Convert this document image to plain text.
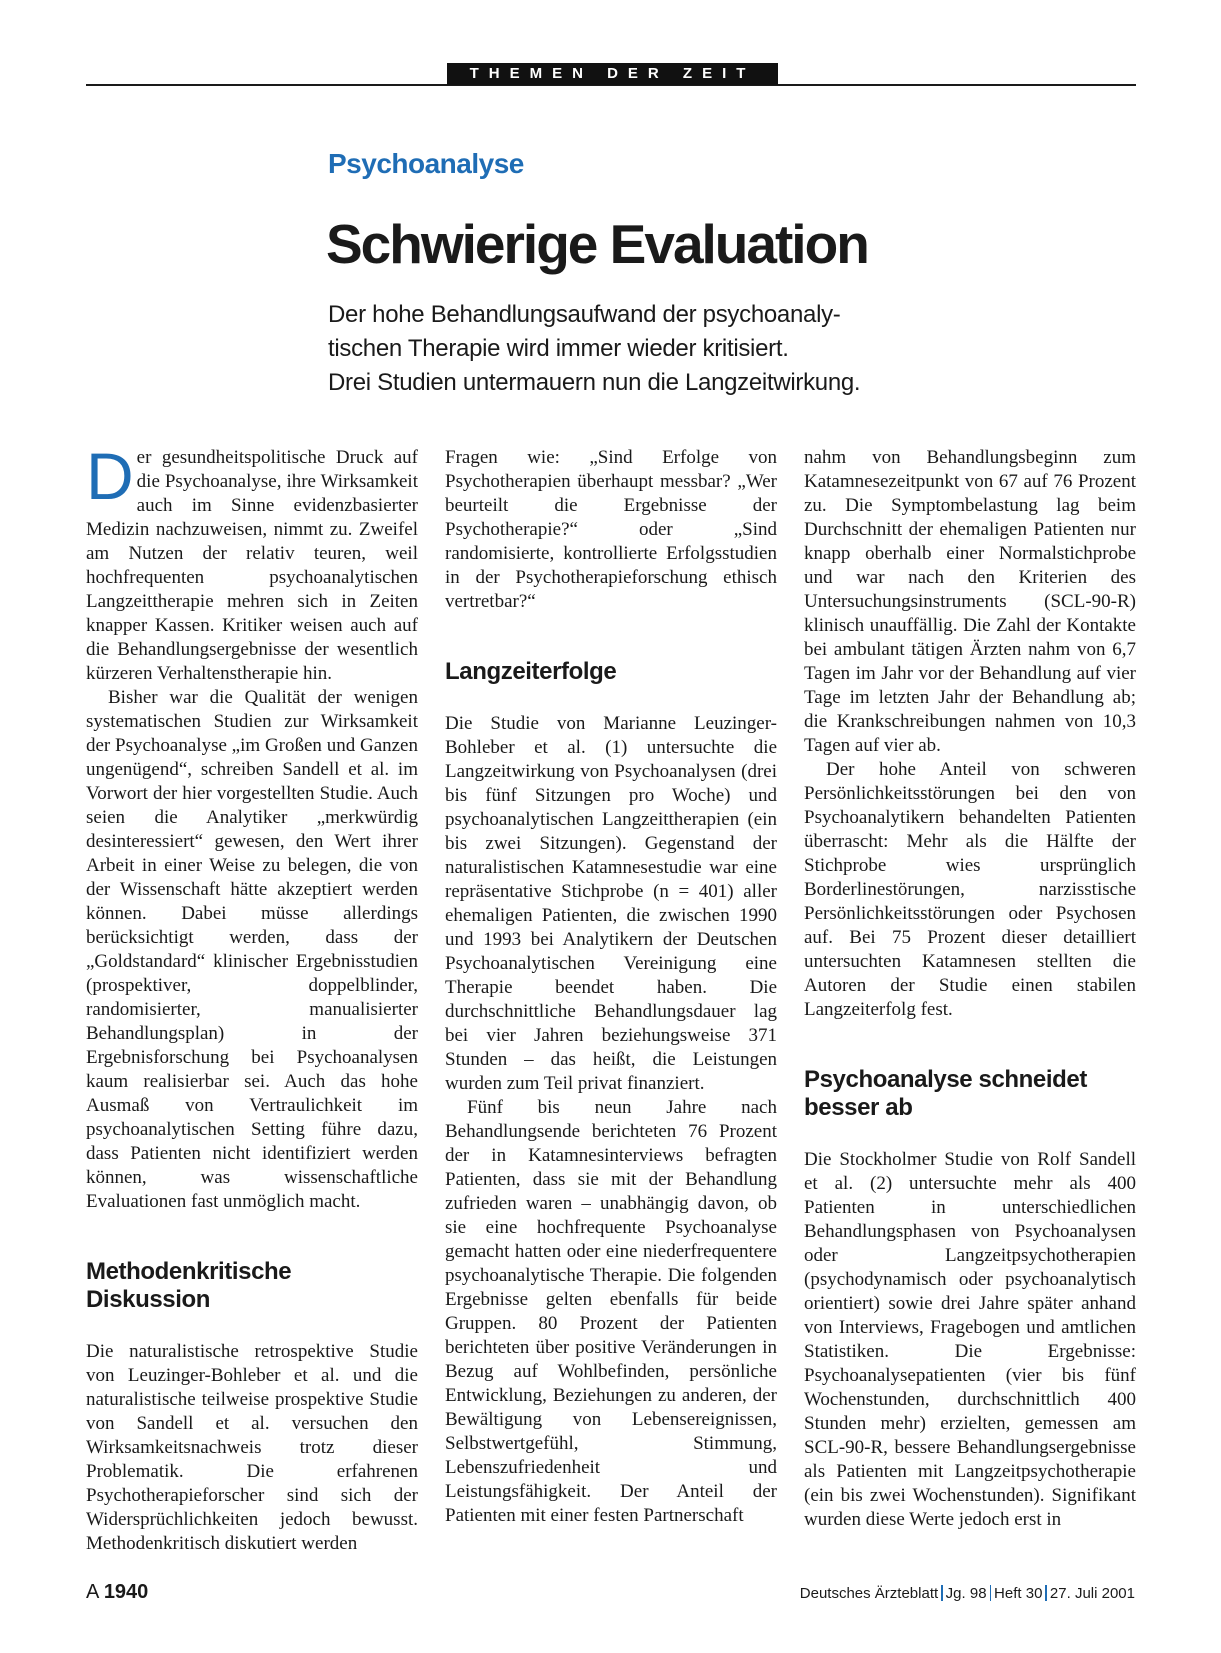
THEMEN DER ZEIT
Psychoanalyse
Schwierige Evaluation
Der hohe Behandlungsaufwand der psychoanaly-
tischen Therapie wird immer wieder kritisiert.
Drei Studien untermauern nun die Langzeitwirkung.

Der gesundheitspolitische Druck auf die Psychoanalyse, ihre Wirksamkeit auch im Sinne evidenzbasierter Medizin nachzuweisen, nimmt zu. Zweifel am Nutzen der relativ teuren, weil hochfrequenten psychoanalytischen Langzeittherapie mehren sich in Zeiten knapper Kassen. Kritiker weisen auch auf die Behandlungsergebnisse der wesentlich kürzeren Verhaltenstherapie hin.

Bisher war die Qualität der wenigen systematischen Studien zur Wirksamkeit der Psychoanalyse „im Großen und Ganzen ungenügend“, schreiben Sandell et al. im Vorwort der hier vorgestellten Studie. Auch seien die Analytiker „merkwürdig desinteressiert“ gewesen, den Wert ihrer Arbeit in einer Weise zu belegen, die von der Wissenschaft hätte akzeptiert werden können. Dabei müsse allerdings berücksichtigt werden, dass der „Goldstandard“ klinischer Ergebnisstudien (prospektiver, doppelblinder, randomisierter, manualisierter Behandlungsplan) in der Ergebnisforschung bei Psychoanalysen kaum realisierbar sei. Auch das hohe Ausmaß von Vertraulichkeit im psychoanalytischen Setting führe dazu, dass Patienten nicht identifiziert werden können, was wissenschaftliche Evaluationen fast unmöglich macht.

Methodenkritische Diskussion

Die naturalistische retrospektive Studie von Leuzinger-Bohleber et al. und die naturalistische teilweise prospektive Studie von Sandell et al. versuchen den Wirksamkeitsnachweis trotz dieser Problematik. Die erfahrenen Psychotherapieforscher sind sich der Widersprüchlichkeiten jedoch bewusst. Methodenkritisch diskutiert werden

Fragen wie: „Sind Erfolge von Psychotherapien überhaupt messbar? „Wer beurteilt die Ergebnisse der Psychotherapie?“ oder „Sind randomisierte, kontrollierte Erfolgsstudien in der Psychotherapieforschung ethisch vertretbar?“

Langzeiterfolge

Die Studie von Marianne Leuzinger-Bohleber et al. (1) untersuchte die Langzeitwirkung von Psychoanalysen (drei bis fünf Sitzungen pro Woche) und psychoanalytischen Langzeittherapien (ein bis zwei Sitzungen). Gegenstand der naturalistischen Katamnesestudie war eine repräsentative Stichprobe (n = 401) aller ehemaligen Patienten, die zwischen 1990 und 1993 bei Analytikern der Deutschen Psychoanalytischen Vereinigung eine Therapie beendet haben. Die durchschnittliche Behandlungsdauer lag bei vier Jahren beziehungsweise 371 Stunden – das heißt, die Leistungen wurden zum Teil privat finanziert.

Fünf bis neun Jahre nach Behandlungsende berichteten 76 Prozent der in Katamnesinterviews befragten Patienten, dass sie mit der Behandlung zufrieden waren – unabhängig davon, ob sie eine hochfrequente Psychoanalyse gemacht hatten oder eine niederfrequentere psychoanalytische Therapie. Die folgenden Ergebnisse gelten ebenfalls für beide Gruppen. 80 Prozent der Patienten berichteten über positive Veränderungen in Bezug auf Wohlbefinden, persönliche Entwicklung, Beziehungen zu anderen, der Bewältigung von Lebensereignissen, Selbstwertgefühl, Stimmung, Lebenszufriedenheit und Leistungsfähigkeit. Der Anteil der Patienten mit einer festen Partnerschaft

nahm von Behandlungsbeginn zum Katamnesezeitpunkt von 67 auf 76 Prozent zu. Die Symptombelastung lag beim Durchschnitt der ehemaligen Patienten nur knapp oberhalb einer Normalstichprobe und war nach den Kriterien des Untersuchungsinstruments (SCL-90-R) klinisch unauffällig. Die Zahl der Kontakte bei ambulant tätigen Ärzten nahm von 6,7 Tagen im Jahr vor der Behandlung auf vier Tage im letzten Jahr der Behandlung ab; die Krankschreibungen nahmen von 10,3 Tagen auf vier ab.

Der hohe Anteil von schweren Persönlichkeitsstörungen bei den von Psychoanalytikern behandelten Patienten überrascht: Mehr als die Hälfte der Stichprobe wies ursprünglich Borderlinestörungen, narzisstische Persönlichkeitsstörungen oder Psychosen auf. Bei 75 Prozent dieser detailliert untersuchten Katamnesen stellten die Autoren der Studie einen stabilen Langzeiterfolg fest.

Psychoanalyse schneidet besser ab

Die Stockholmer Studie von Rolf Sandell et al. (2) untersuchte mehr als 400 Patienten in unterschiedlichen Behandlungsphasen von Psychoanalysen oder Langzeitpsychotherapien (psychodynamisch oder psychoanalytisch orientiert) sowie drei Jahre später anhand von Interviews, Fragebogen und amtlichen Statistiken. Die Ergebnisse: Psychoanalysepatienten (vier bis fünf Wochenstunden, durchschnittlich 400 Stunden mehr) erzielten, gemessen am SCL-90-R, bessere Behandlungsergebnisse als Patienten mit Langzeitpsychotherapie (ein bis zwei Wochenstunden). Signifikant wurden diese Werte jedoch erst in

A 1940	Deutsches Ärzteblatt Jg. 98 Heft 30 27. Juli 2001
